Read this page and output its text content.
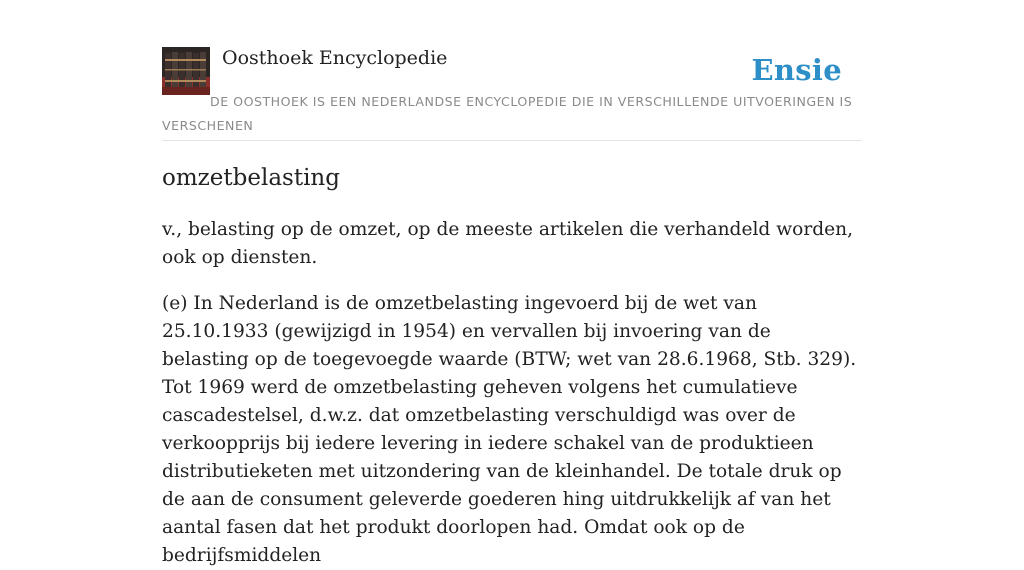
Oosthoek Encyclopedie	Ensie
DE OOSTHOEK IS EEN NEDERLANDSE ENCYCLOPEDIE DIE IN VERSCHILLENDE UITVOERINGEN IS VERSCHENEN
omzetbelasting

v., belasting op de omzet, op de meeste artikelen die verhandeld worden, ook op diensten.

(e) In Nederland is de omzetbelasting ingevoerd bij de wet van 25.10.1933 (gewijzigd in 1954) en vervallen bij invoering van de belasting op de toegevoegde waarde (BTW; wet van 28.6.1968, Stb. 329). Tot 1969 werd de omzetbelasting geheven volgens het cumulatieve cascadestelsel, d.w.z. dat omzetbelasting verschuldigd was over de verkoopprijs bij iedere levering in iedere schakel van de produktieen distributieketen met uitzondering van de kleinhandel. De totale druk op de aan de consument geleverde goederen hing uitdrukkelijk af van het aantal fasen dat het produkt doorlopen had. Omdat ook op de bedrijfsmiddelen
